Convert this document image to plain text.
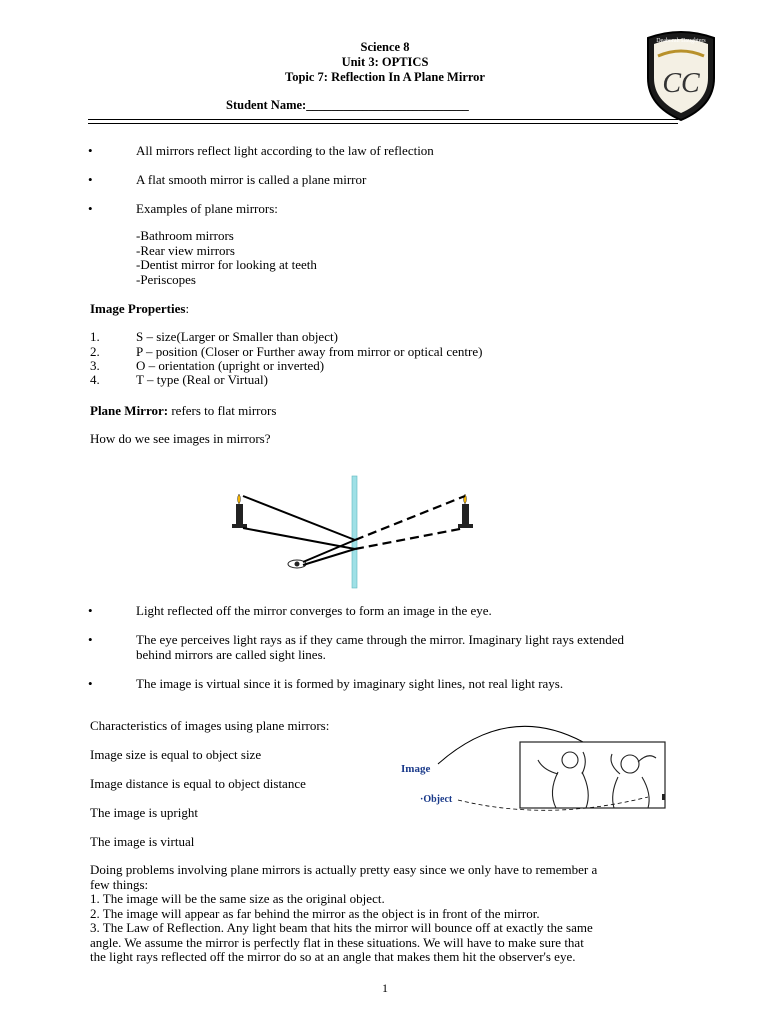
Science 8
Unit 3: OPTICS
Topic 7: Reflection In A Plane Mirror
Student Name:__________________________
Deaborah Daughters
CC
•	All mirrors reflect light according to the law of reflection
•	A flat smooth mirror is called a plane mirror
•	Examples of plane mirrors:
-Bathroom mirrors
-Rear view mirrors
-Dentist mirror for looking at teeth
-Periscopes
Image Properties:
1.	S – size(Larger or Smaller than object)
2.	P – position (Closer or Further away from mirror or optical centre)
3.	O – orientation (upright or inverted)
4.	T – type (Real or Virtual)
Plane Mirror: refers to flat mirrors
How do we see images in mirrors?
•	Light reflected off the mirror converges to form an image in the eye.
•	The eye perceives light rays as if they came through the mirror. Imaginary light rays extended behind mirrors are called sight lines.
•	The image is virtual since it is formed by imaginary sight lines, not real light rays.
Characteristics of images using plane mirrors:
Image size is equal to object size
Image distance is equal to object distance
The image is upright
The image is virtual
Image
·Object
Doing problems involving plane mirrors is actually pretty easy since we only have to remember a
few things:
1. The image will be the same size as the original object.
2. The image will appear as far behind the mirror as the object is in front of the mirror.
3. The Law of Reflection. Any light beam that hits the mirror will bounce off at exactly the same
angle. We assume the mirror is perfectly flat in these situations. We will have to make sure that
the light rays reflected off the mirror do so at an angle that makes them hit the observer's eye.
1
